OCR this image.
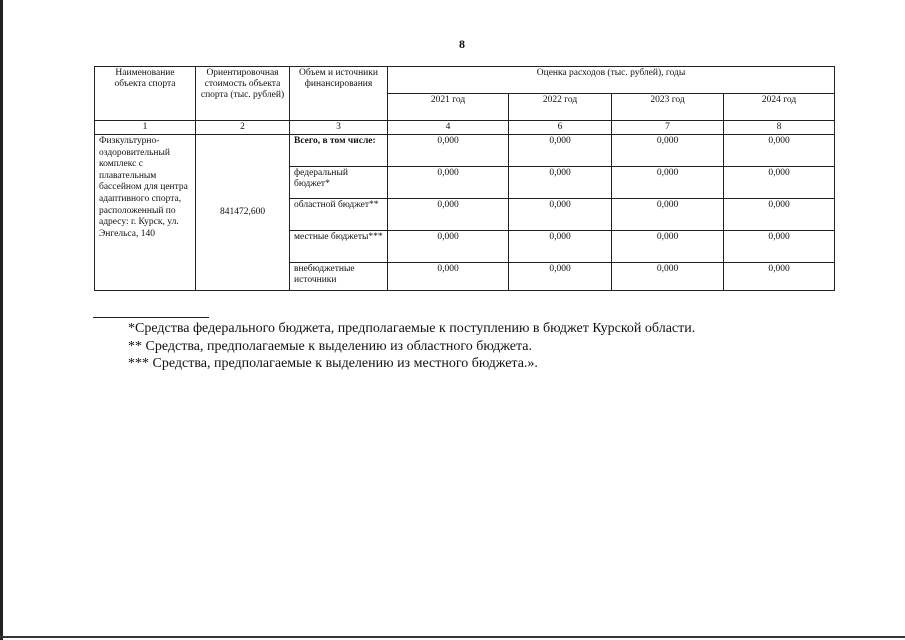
8
Наименование объекта спорта	Ориентировочная стоимость объекта спорта (тыс. рублей)	Объем и источники финансирования	Оценка расходов (тыс. рублей), годы			
			2021 год	2022 год	2023 год	2024 год
1	2	3	4	6	7	8
Физкультурно-оздоровительный комплекс с плавательным бассейном для центра адаптивного спорта, расположенный по адресу: г. Курск, ул. Энгельса, 140	841472,600	Всего, в том числе:	0,000	0,000	0,000	0,000
		федеральный бюджет*	0,000	0,000	0,000	0,000
		областной бюджет**	0,000	0,000	0,000	0,000
		местные бюджеты***	0,000	0,000	0,000	0,000
		внебюджетные источники	0,000	0,000	0,000	0,000

*Средства федерального бюджета, предполагаемые к поступлению в бюджет Курской области.

** Средства, предполагаемые к выделению из областного бюджета.

*** Средства, предполагаемые к выделению из местного бюджета.».
